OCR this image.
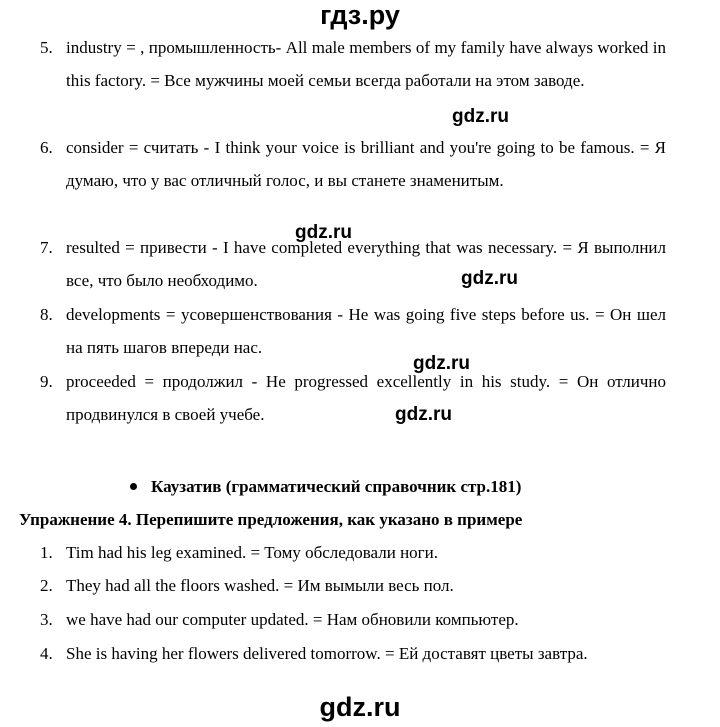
гдз.ру
5. industry = , промышленность- All male members of my family have always worked in this factory. = Все мужчины моей семьи всегда работали на этом заводе.
6. consider = считать - I think your voice is brilliant and you're going to be famous. = Я думаю, что у вас отличный голос, и вы станете знаменитым.
7. resulted = привести - I have completed everything that was necessary. = Я выполнил все, что было необходимо.
8. developments = усовершенствования - He was going five steps before us. = Он шел на пять шагов впереди нас.
9. proceeded = продолжил - He progressed excellently in his study. = Он отлично продвинулся в своей учебе.
gdz.ru
gdz.ru
gdz.ru
gdz.ru
gdz.ru
Каузатив (грамматический справочник стр.181)
Упражнение 4. Перепишите предложения, как указано в примере
1. Tim had his leg examined. = Тому обследовали ноги.
2. They had all the floors washed. = Им вымыли весь пол.
3. we have had our computer updated. = Нам обновили компьютер.
4. She is having her flowers delivered tomorrow. = Ей доставят цветы завтра.
gdz.ru
